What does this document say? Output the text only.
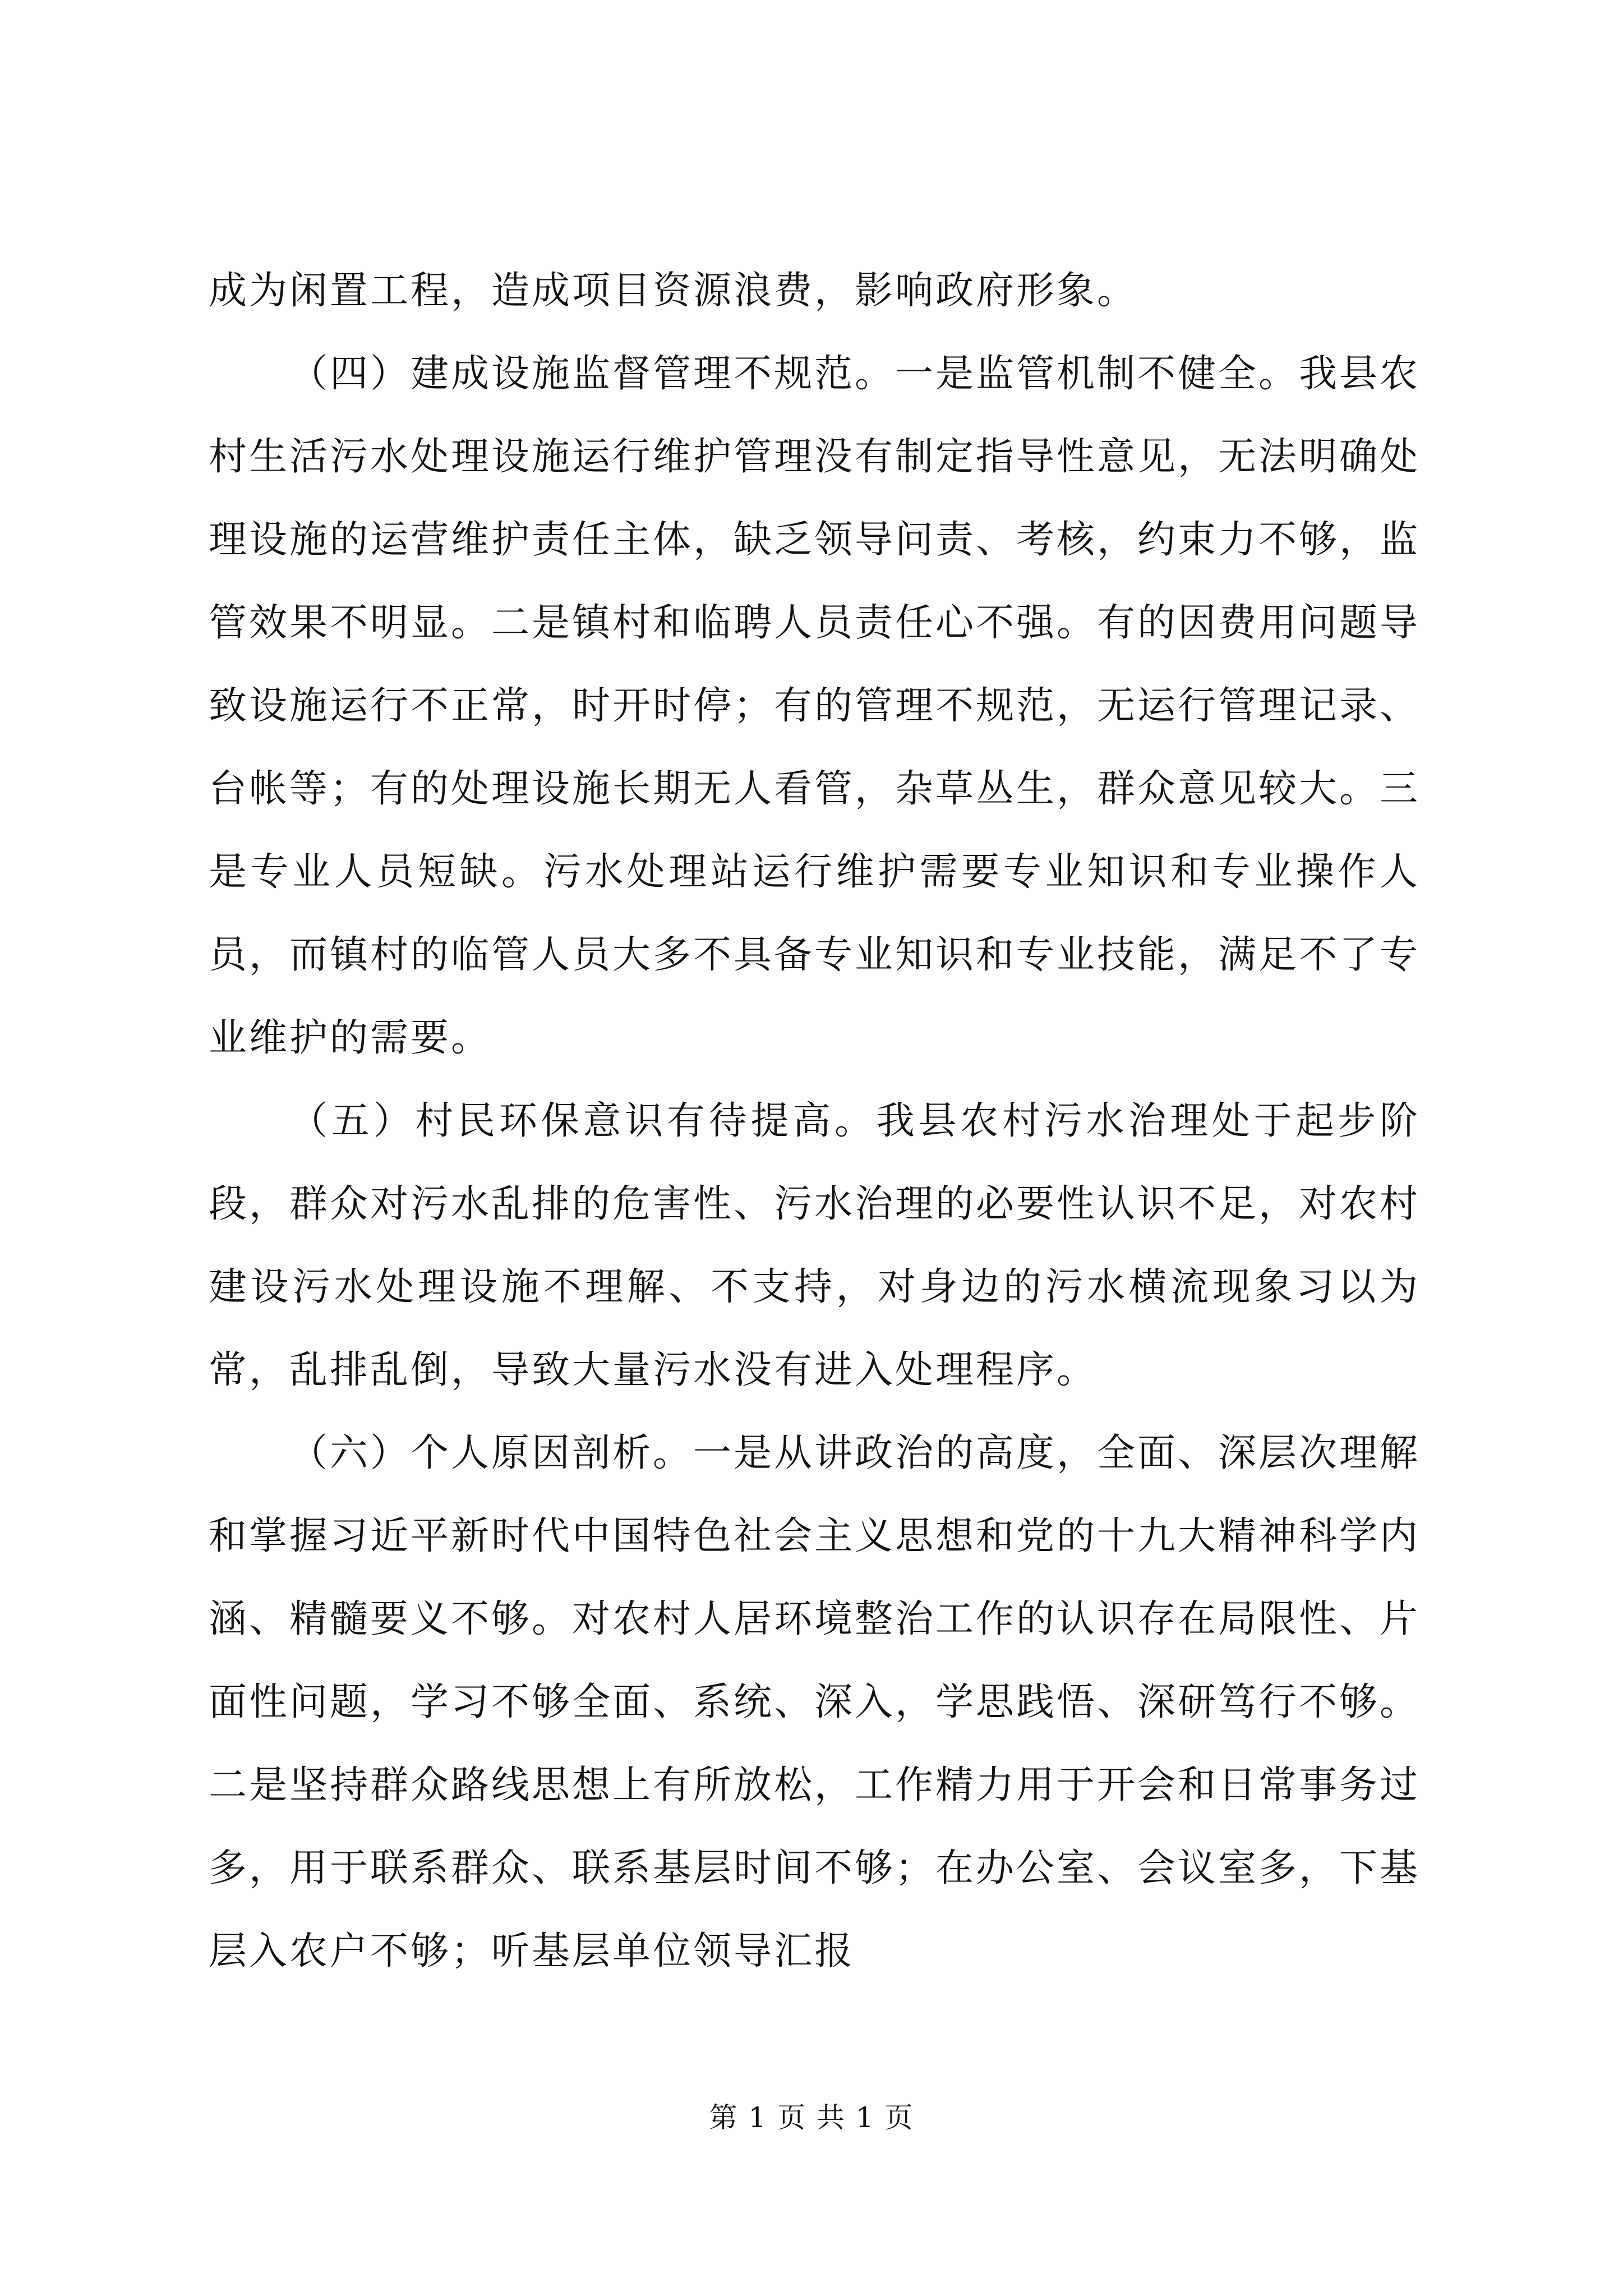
成为闲置工程，造成项目资源浪费，影响政府形象。

（四）建成设施监督管理不规范。一是监管机制不健全。我县农村生活污水处理设施运行维护管理没有制定指导性意见，无法明确处理设施的运营维护责任主体，缺乏领导问责、考核，约束力不够，监管效果不明显。二是镇村和临聘人员责任心不强。有的因费用问题导致设施运行不正常，时开时停；有的管理不规范，无运行管理记录、台帐等；有的处理设施长期无人看管，杂草丛生，群众意见较大。三是专业人员短缺。污水处理站运行维护需要专业知识和专业操作人员，而镇村的临管人员大多不具备专业知识和专业技能，满足不了专业维护的需要。

（五）村民环保意识有待提高。我县农村污水治理处于起步阶段，群众对污水乱排的危害性、污水治理的必要性认识不足，对农村建设污水处理设施不理解、不支持，对身边的污水横流现象习以为常，乱排乱倒，导致大量污水没有进入处理程序。

（六）个人原因剖析。一是从讲政治的高度，全面、深层次理解和掌握习近平新时代中国特色社会主义思想和党的十九大精神科学内涵、精髓要义不够。对农村人居环境整治工作的认识存在局限性、片面性问题，学习不够全面、系统、深入，学思践悟、深研笃行不够。二是坚持群众路线思想上有所放松，工作精力用于开会和日常事务过多，用于联系群众、联系基层时间不够；在办公室、会议室多，下基层入农户不够；听基层单位领导汇报

第 1 页 共 1 页
